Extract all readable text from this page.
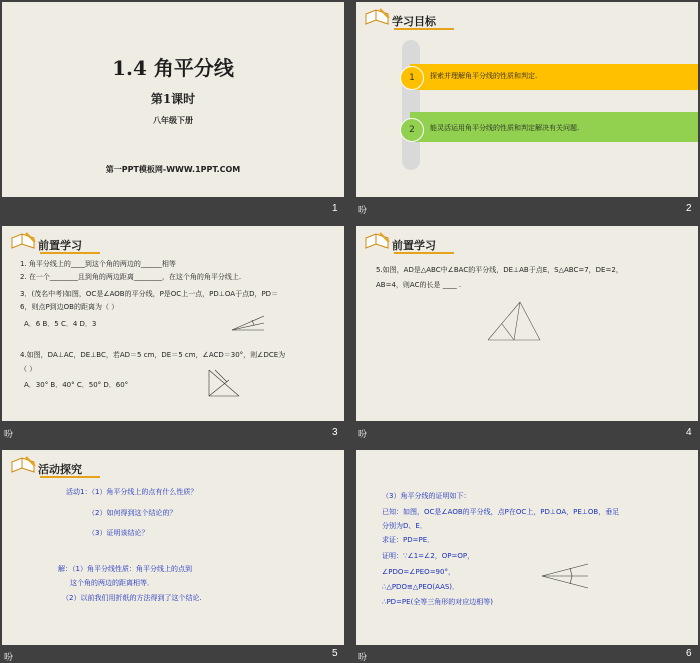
1.4 角平分线
第1课时
八年级下册
第一PPT模板网-WWW.1PPT.COM
1
学习目标
1	探索并理解角平分线的性质和判定.
2	能灵活运用角平分线的性质和判定解决有关问题.
吩	2
前置学习
1. 角平分线上的____到这个角的两边的______相等
2. 在一个________且到角的两边距离________，在这个角的角平分线上.
3．(茂名中考)如图，OC是∠AOB的平分线，P是OC上一点，PD⊥OA于点D，PD＝
6，则点P到边OB的距离为（ ）
A．6 B．5 C．4 D．3
4.如图，DA⊥AC，DE⊥BC，若AD＝5 cm，DE＝5 cm，∠ACD＝30°，则∠DCE为
（ ）
A．30° B．40° C．50° D．60°
吩	3
前置学习
5.如图，AD是△ABC中∠BAC的平分线，DE⊥AB于点E，S△ABC=7，DE=2，
AB=4，则AC的长是 ____ .
吩	4
活动探究
活动1：（1）角平分线上的点有什么性质？
（2）如何得到这个结论的？
（3）证明该结论？
解：（1）角平分线性质：角平分线上的点到
这个角的两边的距离相等．
（2）以前我们用折纸的方法得到了这个结论.
吩	5
（3）角平分线的证明如下：
已知：如图，OC是∠AOB的平分线，点P在OC上，PD⊥OA，PE⊥OB，垂足
分别为D、E．
求证：PD=PE．
证明：∵∠1=∠2，OP=OP，
∠PDO=∠PEO=90°，
∴△PDO≌△PEO(AAS)．
∴PD=PE(全等三角形的对应边相等)
吩	6
